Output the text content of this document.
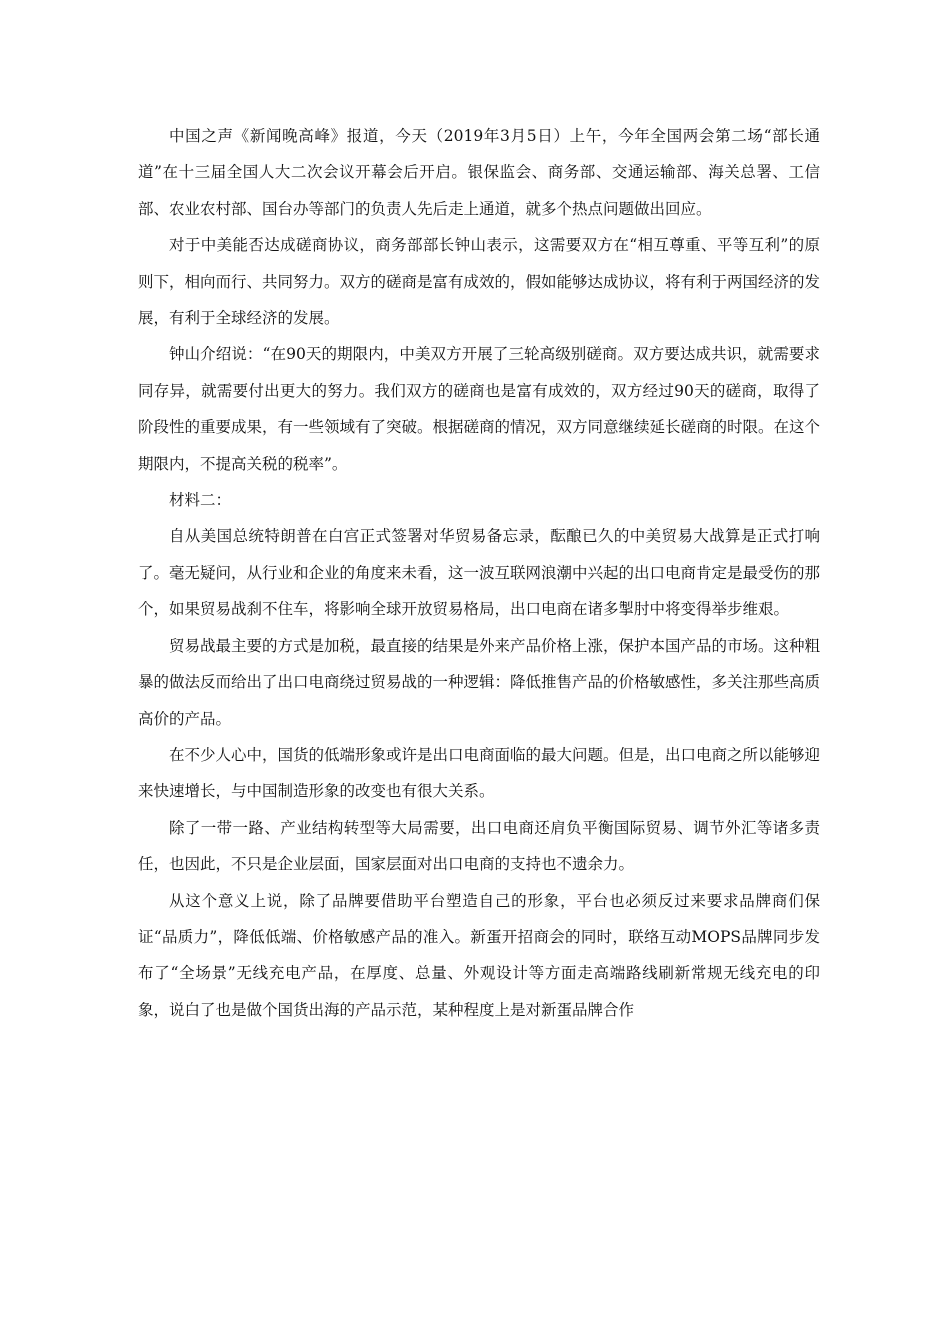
中国之声《新闻晚高峰》报道，今天（2019年3月5日）上午，今年全国两会第二场“部长通道”在十三届全国人大二次会议开幕会后开启。银保监会、商务部、交通运输部、海关总署、工信部、农业农村部、国台办等部门的负责人先后走上通道，就多个热点问题做出回应。

对于中美能否达成磋商协议，商务部部长钟山表示，这需要双方在“相互尊重、平等互利”的原则下，相向而行、共同努力。双方的磋商是富有成效的，假如能够达成协议，将有利于两国经济的发展，有利于全球经济的发展。

钟山介绍说：“在90天的期限内，中美双方开展了三轮高级别磋商。双方要达成共识，就需要求同存异，就需要付出更大的努力。我们双方的磋商也是富有成效的，双方经过90天的磋商，取得了阶段性的重要成果，有一些领域有了突破。根据磋商的情况，双方同意继续延长磋商的时限。在这个期限内，不提高关税的税率”。

材料二：

自从美国总统特朗普在白宫正式签署对华贸易备忘录，酝酿已久的中美贸易大战算是正式打响了。毫无疑问，从行业和企业的角度来未看，这一波互联网浪潮中兴起的出口电商肯定是最受伤的那个，如果贸易战刹不住车，将影响全球开放贸易格局，出口电商在诸多掣肘中将变得举步维艰。

贸易战最主要的方式是加税，最直接的结果是外来产品价格上涨，保护本国产品的市场。这种粗暴的做法反而给出了出口电商绕过贸易战的一种逻辑：降低推售产品的价格敏感性，多关注那些高质高价的产品。

在不少人心中，国货的低端形象或许是出口电商面临的最大问题。但是，出口电商之所以能够迎来快速增长，与中国制造形象的改变也有很大关系。

除了一带一路、产业结构转型等大局需要，出口电商还肩负平衡国际贸易、调节外汇等诸多责任，也因此，不只是企业层面，国家层面对出口电商的支持也不遗余力。

从这个意义上说，除了品牌要借助平台塑造自己的形象，平台也必须反过来要求品牌商们保证“品质力”，降低低端、价格敏感产品的准入。新蛋开招商会的同时，联络互动MOPS品牌同步发布了“全场景”无线充电产品，在厚度、总量、外观设计等方面走高端路线刷新常规无线充电的印象，说白了也是做个国货出海的产品示范，某种程度上是对新蛋品牌合作
